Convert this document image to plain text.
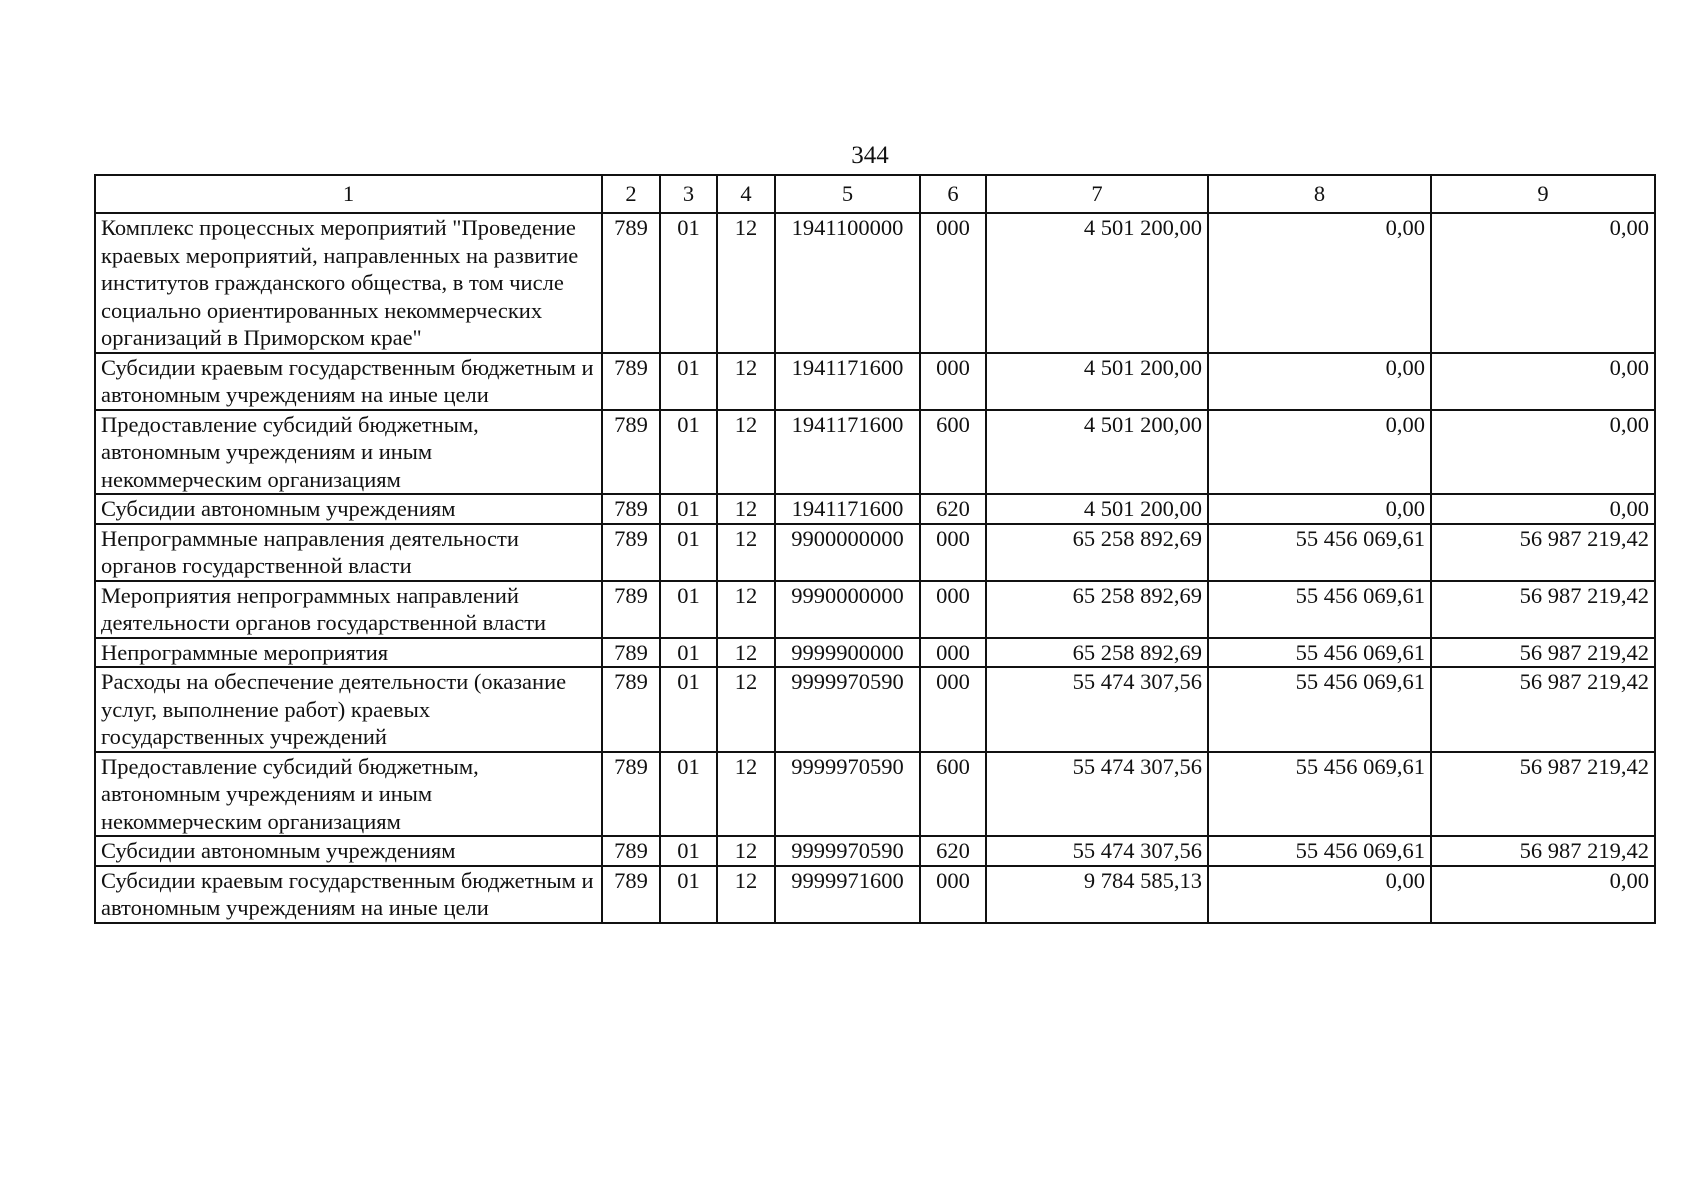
344
1	2	3	4	5	6	7	8	9
Комплекс процессных мероприятий "Проведение краевых мероприятий, направленных на развитие институтов гражданского общества, в том числе социально ориентированных некоммерческих организаций в Приморском крае"	789	01	12	1941100000	000	4 501 200,00	0,00	0,00
Субсидии краевым государственным бюджетным и автономным учреждениям на иные цели	789	01	12	1941171600	000	4 501 200,00	0,00	0,00
Предоставление субсидий бюджетным, автономным учреждениям и иным некоммерческим организациям	789	01	12	1941171600	600	4 501 200,00	0,00	0,00
Субсидии автономным учреждениям	789	01	12	1941171600	620	4 501 200,00	0,00	0,00
Непрограммные направления деятельности органов государственной власти	789	01	12	9900000000	000	65 258 892,69	55 456 069,61	56 987 219,42
Мероприятия непрограммных направлений деятельности органов государственной власти	789	01	12	9990000000	000	65 258 892,69	55 456 069,61	56 987 219,42
Непрограммные мероприятия	789	01	12	9999900000	000	65 258 892,69	55 456 069,61	56 987 219,42
Расходы на обеспечение деятельности (оказание услуг, выполнение работ) краевых государственных учреждений	789	01	12	9999970590	000	55 474 307,56	55 456 069,61	56 987 219,42
Предоставление субсидий бюджетным, автономным учреждениям и иным некоммерческим организациям	789	01	12	9999970590	600	55 474 307,56	55 456 069,61	56 987 219,42
Субсидии автономным учреждениям	789	01	12	9999970590	620	55 474 307,56	55 456 069,61	56 987 219,42
Субсидии краевым государственным бюджетным и автономным учреждениям на иные цели	789	01	12	9999971600	000	9 784 585,13	0,00	0,00
